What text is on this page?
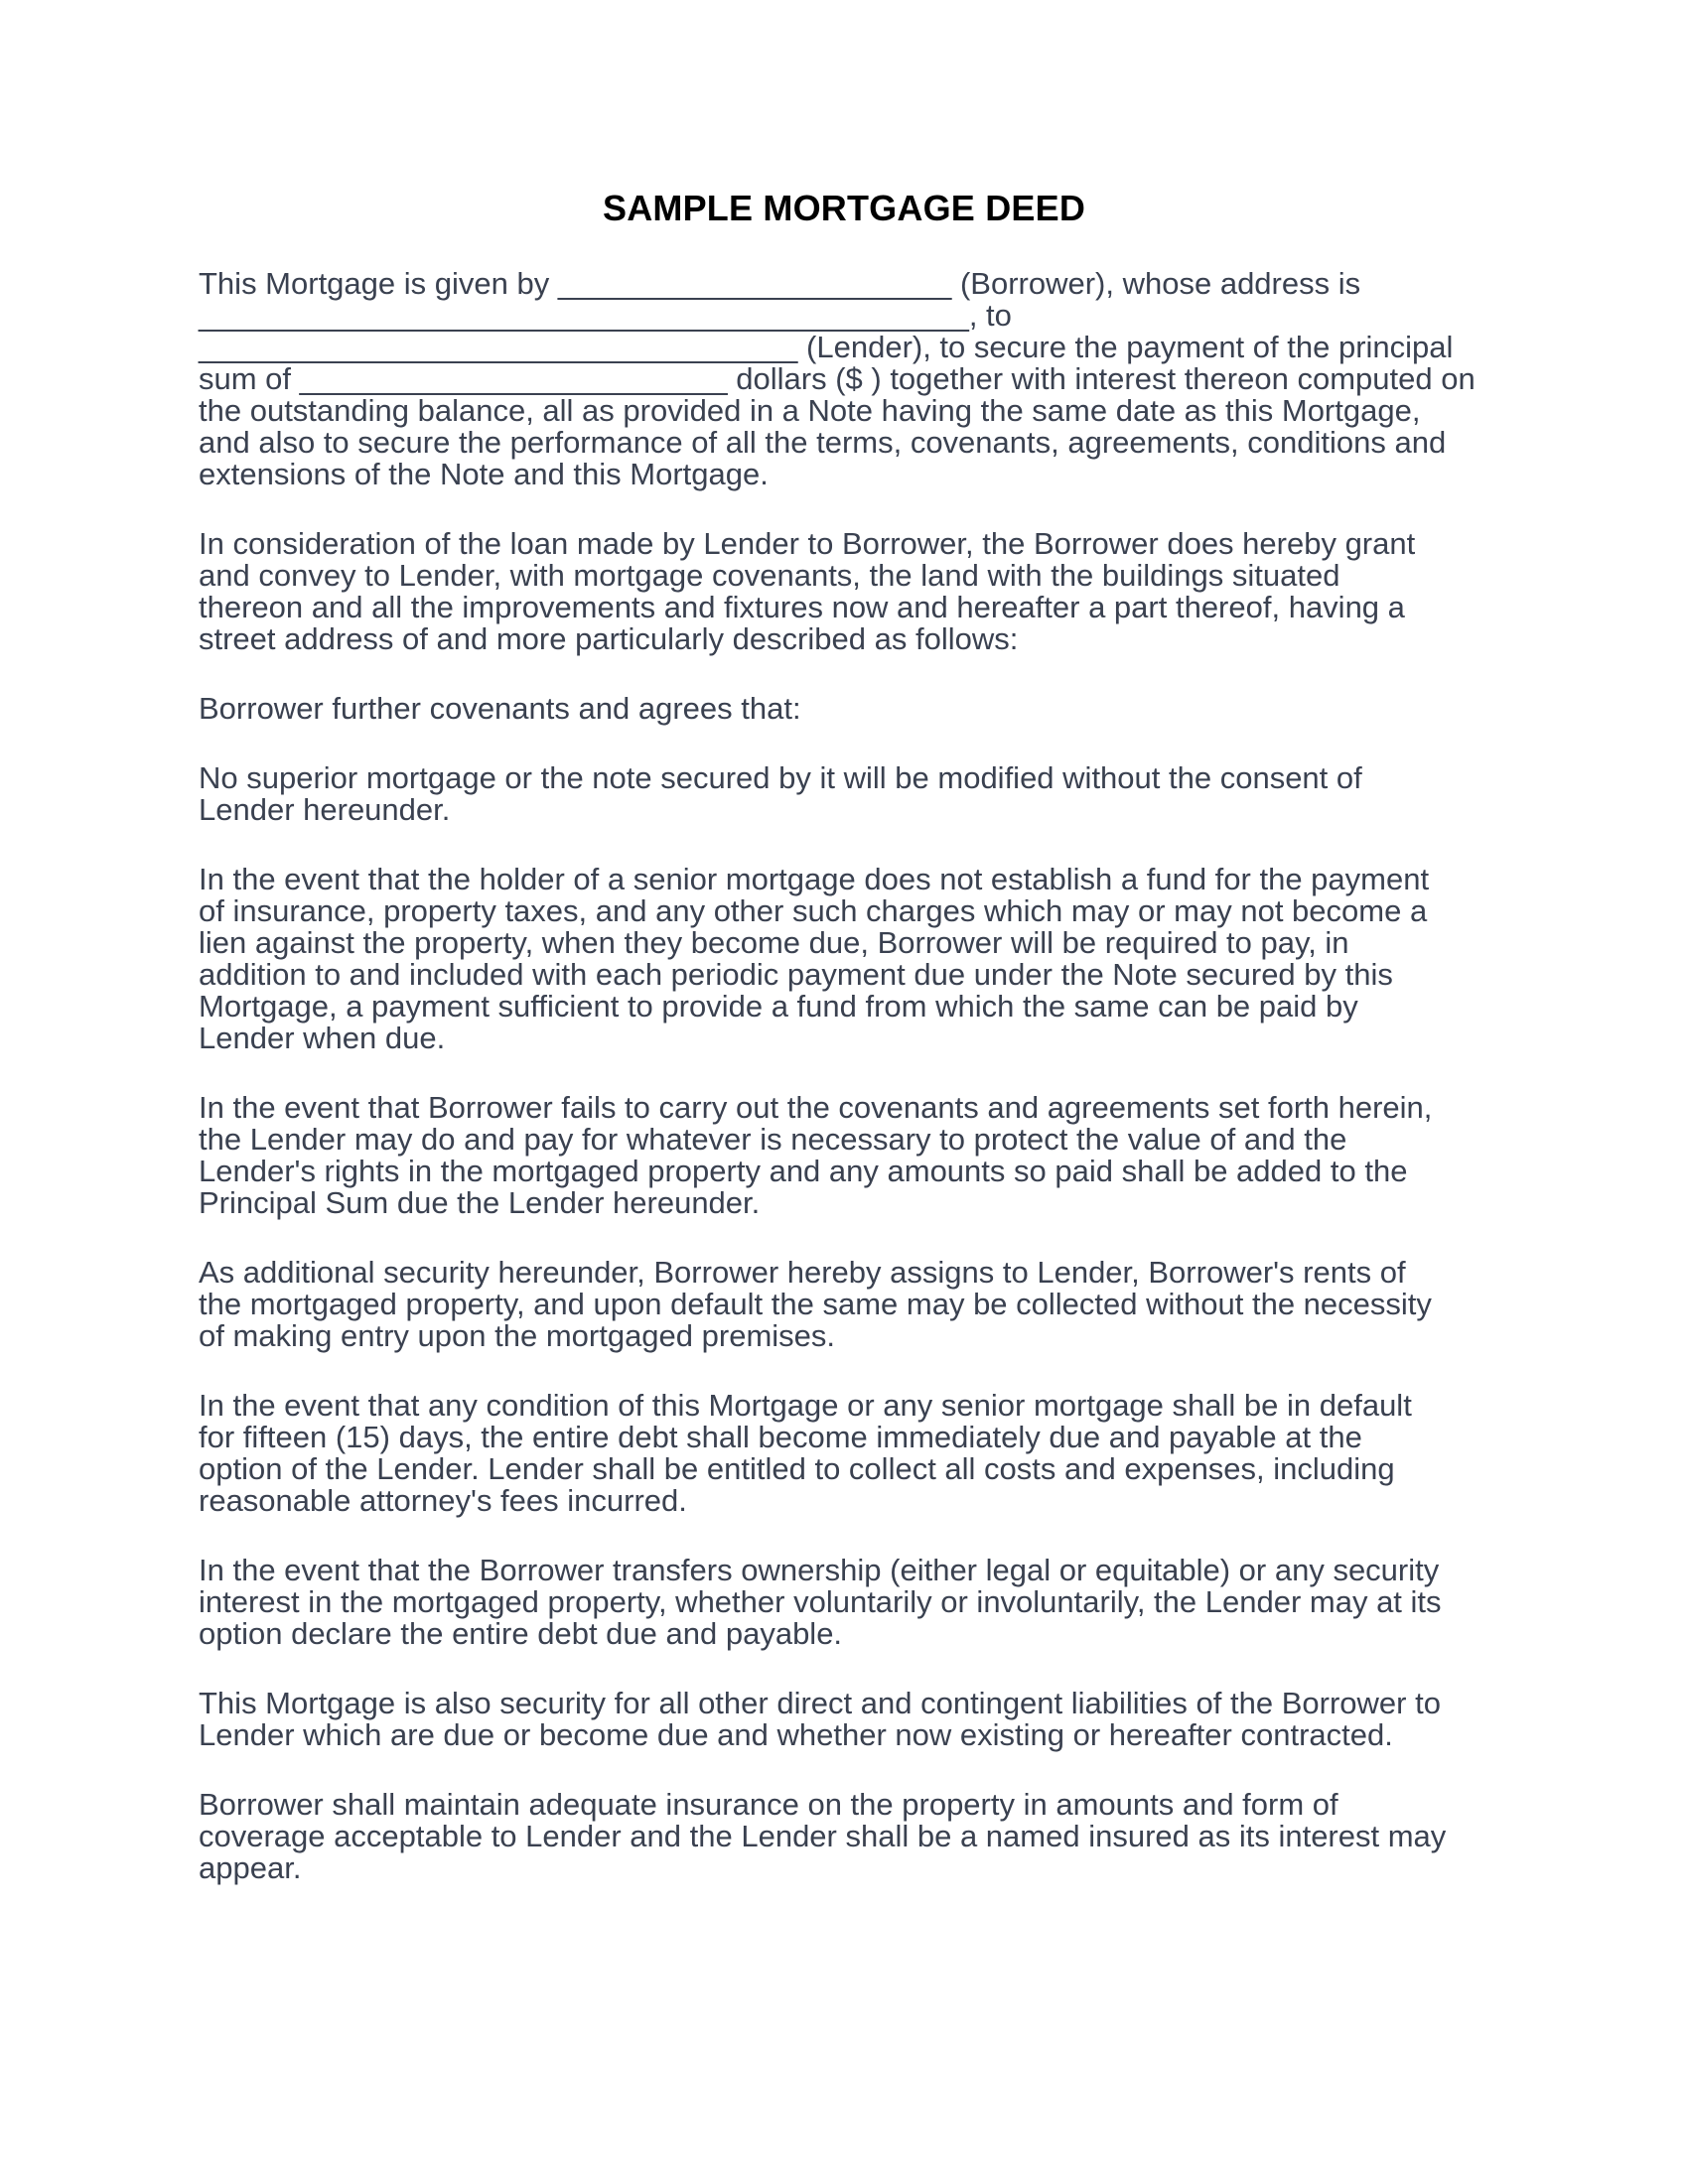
SAMPLE MORTGAGE DEED

This Mortgage is given by _______________________ (Borrower), whose address is
_____________________________________________, to
___________________________________ (Lender), to secure the payment of the principal
sum of _________________________ dollars ($ ) together with interest thereon computed on
the outstanding balance, all as provided in a Note having the same date as this Mortgage,
and also to secure the performance of all the terms, covenants, agreements, conditions and
extensions of the Note and this Mortgage.

In consideration of the loan made by Lender to Borrower, the Borrower does hereby grant
and convey to Lender, with mortgage covenants, the land with the buildings situated
thereon and all the improvements and fixtures now and hereafter a part thereof, having a
street address of and more particularly described as follows:

Borrower further covenants and agrees that:

No superior mortgage or the note secured by it will be modified without the consent of
Lender hereunder.

In the event that the holder of a senior mortgage does not establish a fund for the payment
of insurance, property taxes, and any other such charges which may or may not become a
lien against the property, when they become due, Borrower will be required to pay, in
addition to and included with each periodic payment due under the Note secured by this
Mortgage, a payment sufficient to provide a fund from which the same can be paid by
Lender when due.

In the event that Borrower fails to carry out the covenants and agreements set forth herein,
the Lender may do and pay for whatever is necessary to protect the value of and the
Lender's rights in the mortgaged property and any amounts so paid shall be added to the
Principal Sum due the Lender hereunder.

As additional security hereunder, Borrower hereby assigns to Lender, Borrower's rents of
the mortgaged property, and upon default the same may be collected without the necessity
of making entry upon the mortgaged premises.

In the event that any condition of this Mortgage or any senior mortgage shall be in default
for fifteen (15) days, the entire debt shall become immediately due and payable at the
option of the Lender. Lender shall be entitled to collect all costs and expenses, including
reasonable attorney's fees incurred.

In the event that the Borrower transfers ownership (either legal or equitable) or any security
interest in the mortgaged property, whether voluntarily or involuntarily, the Lender may at its
option declare the entire debt due and payable.

This Mortgage is also security for all other direct and contingent liabilities of the Borrower to
Lender which are due or become due and whether now existing or hereafter contracted.

Borrower shall maintain adequate insurance on the property in amounts and form of
coverage acceptable to Lender and the Lender shall be a named insured as its interest may
appear.
